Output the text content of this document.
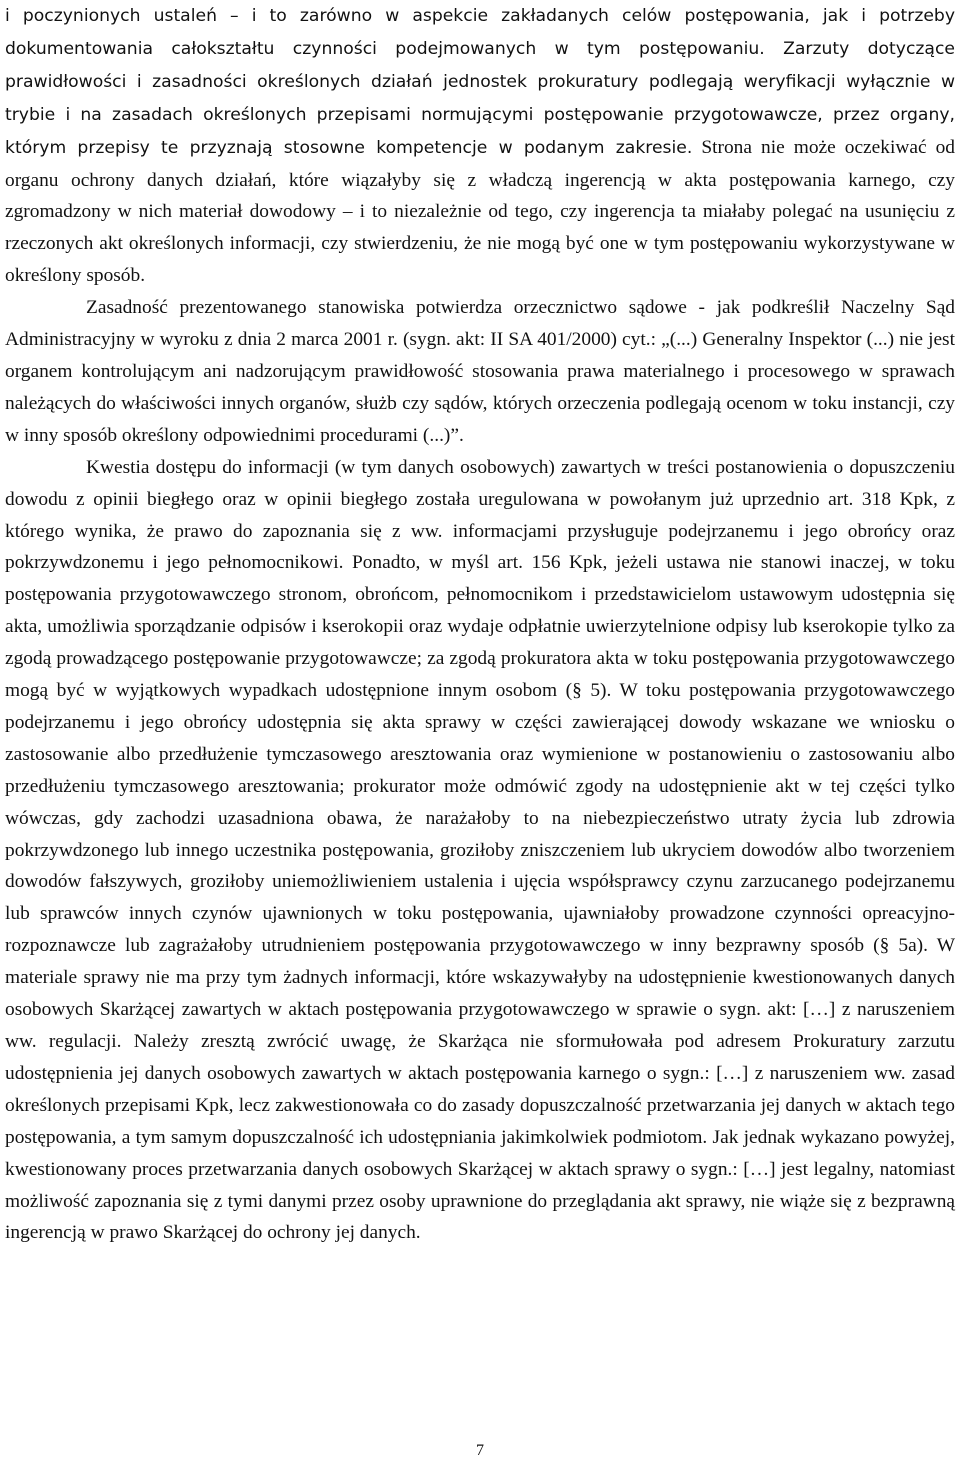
i poczynionych ustaleń – i to zarówno w aspekcie zakładanych celów postępowania, jak i potrzeby dokumentowania całokształtu czynności podejmowanych w tym postępowaniu. Zarzuty dotyczące prawidłowości i zasadności określonych działań jednostek prokuratury podlegają weryfikacji wyłącznie w trybie i na zasadach określonych przepisami normującymi postępowanie przygotowawcze, przez organy, którym przepisy te przyznają stosowne kompetencje w podanym zakresie. Strona nie może oczekiwać od organu ochrony danych działań, które wiązałyby się z władczą ingerencją w akta postępowania karnego, czy zgromadzony w nich materiał dowodowy – i to niezależnie od tego, czy ingerencja ta miałaby polegać na usunięciu z rzeczonych akt określonych informacji, czy stwierdzeniu, że nie mogą być one w tym postępowaniu wykorzystywane w określony sposób.

Zasadność prezentowanego stanowiska potwierdza orzecznictwo sądowe - jak podkreślił Naczelny Sąd Administracyjny w wyroku z dnia 2 marca 2001 r. (sygn. akt: II SA 401/2000) cyt.: „(...) Generalny Inspektor (...) nie jest organem kontrolującym ani nadzorującym prawidłowość stosowania prawa materialnego i procesowego w sprawach należących do właściwości innych organów, służb czy sądów, których orzeczenia podlegają ocenom w toku instancji, czy w inny sposób określony odpowiednimi procedurami (...)”.

Kwestia dostępu do informacji (w tym danych osobowych) zawartych w treści postanowienia o dopuszczeniu dowodu z opinii biegłego oraz w opinii biegłego została uregulowana w powołanym już uprzednio art. 318 Kpk, z którego wynika, że prawo do zapoznania się z ww. informacjami przysługuje podejrzanemu i jego obrońcy oraz pokrzywdzonemu i jego pełnomocnikowi. Ponadto, w myśl art. 156 Kpk, jeżeli ustawa nie stanowi inaczej, w toku postępowania przygotowawczego stronom, obrońcom, pełnomocnikom i przedstawicielom ustawowym udostępnia się akta, umożliwia sporządzanie odpisów i kserokopii oraz wydaje odpłatnie uwierzytelnione odpisy lub kserokopie tylko za zgodą prowadzącego postępowanie przygotowawcze; za zgodą prokuratora akta w toku postępowania przygotowawczego mogą być w wyjątkowych wypadkach udostępnione innym osobom (§ 5). W toku postępowania przygotowawczego podejrzanemu i jego obrońcy udostępnia się akta sprawy w części zawierającej dowody wskazane we wniosku o zastosowanie albo przedłużenie tymczasowego aresztowania oraz wymienione w postanowieniu o zastosowaniu albo przedłużeniu tymczasowego aresztowania; prokurator może odmówić zgody na udostępnienie akt w tej części tylko wówczas, gdy zachodzi uzasadniona obawa, że narażałoby to na niebezpieczeństwo utraty życia lub zdrowia pokrzywdzonego lub innego uczestnika postępowania, groziłoby zniszczeniem lub ukryciem dowodów albo tworzeniem dowodów fałszywych, groziłoby uniemożliwieniem ustalenia i ujęcia współsprawcy czynu zarzucanego podejrzanemu lub sprawców innych czynów ujawnionych w toku postępowania, ujawniałoby prowadzone czynności opreacyjno-rozpoznawcze lub zagrażałoby utrudnieniem postępowania przygotowawczego w inny bezprawny sposób (§ 5a). W materiale sprawy nie ma przy tym żadnych informacji, które wskazywałyby na udostępnienie kwestionowanych danych osobowych Skarżącej zawartych w aktach postępowania przygotowawczego w sprawie o sygn. akt: […] z naruszeniem ww. regulacji. Należy zresztą zwrócić uwagę, że Skarżąca nie sformułowała pod adresem Prokuratury zarzutu udostępnienia jej danych osobowych zawartych w aktach postępowania karnego o sygn.: […] z naruszeniem ww. zasad określonych przepisami Kpk, lecz zakwestionowała co do zasady dopuszczalność przetwarzania jej danych w aktach tego postępowania, a tym samym dopuszczalność ich udostępniania jakimkolwiek podmiotom. Jak jednak wykazano powyżej, kwestionowany proces przetwarzania danych osobowych Skarżącej w aktach sprawy o sygn.: […] jest legalny, natomiast możliwość zapoznania się z tymi danymi przez osoby uprawnione do przeglądania akt sprawy, nie wiąże się z bezprawną ingerencją w prawo Skarżącej do ochrony jej danych.

7
